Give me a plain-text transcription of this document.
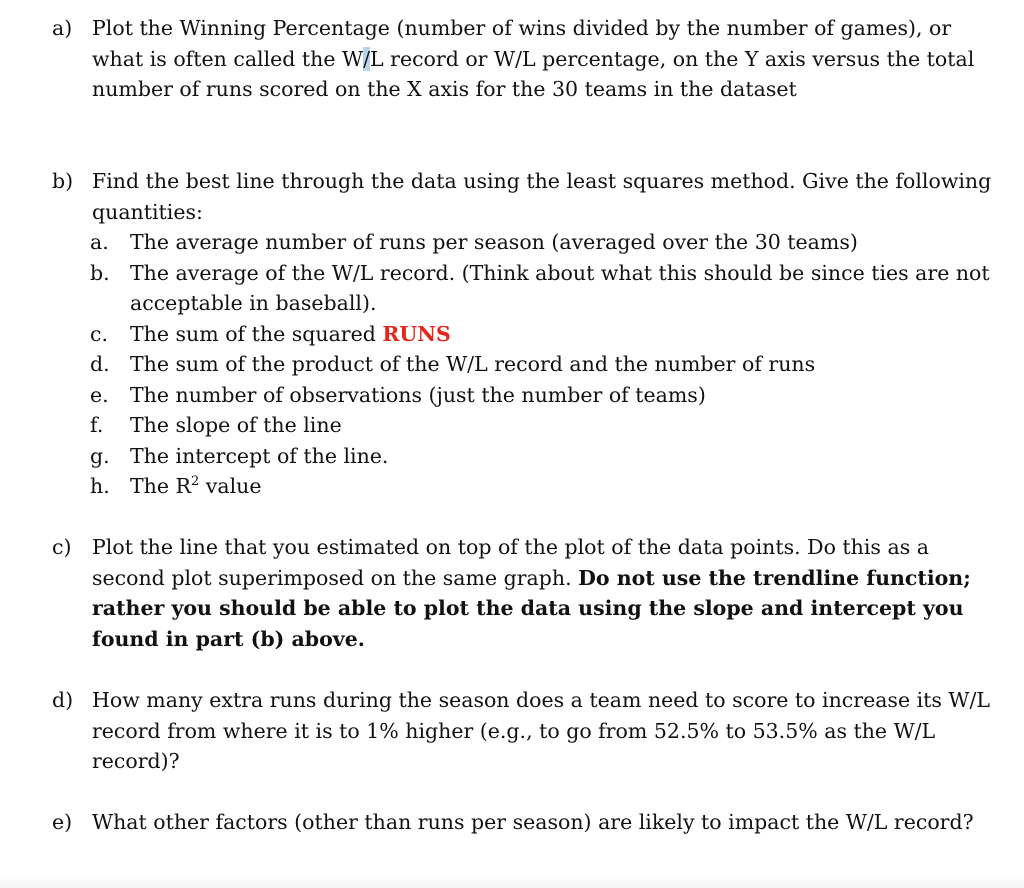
a) Plot the Winning Percentage (number of wins divided by the number of games), or what is often called the W/L record or W/L percentage, on the Y axis versus the total number of runs scored on the X axis for the 30 teams in the dataset
b) Find the best line through the data using the least squares method. Give the following quantities:
a.	The average number of runs per season (averaged over the 30 teams)
b. The average of the W/L record. (Think about what this should be since ties are not acceptable in baseball).
c.	The sum of the squared RUNS
d. The sum of the product of the W/L record and the number of runs
e.	The number of observations (just the number of teams)
f.	The slope of the line
g. The intercept of the line.
h. The $R^2$ value
c)	Plot the line that you estimated on top of the plot of the data points. Do this as a second plot superimposed on the same graph. Do not use the trendline function; rather you should be able to plot the data using the slope and intercept you found in part (b) above.
d) How many extra runs during the season does a team need to score to increase its W/L record from where it is to 1% higher (e.g., to go from 52.5% to 53.5% as the W/L record)?
e) What other factors (other than runs per season) are likely to impact the W/L record?
